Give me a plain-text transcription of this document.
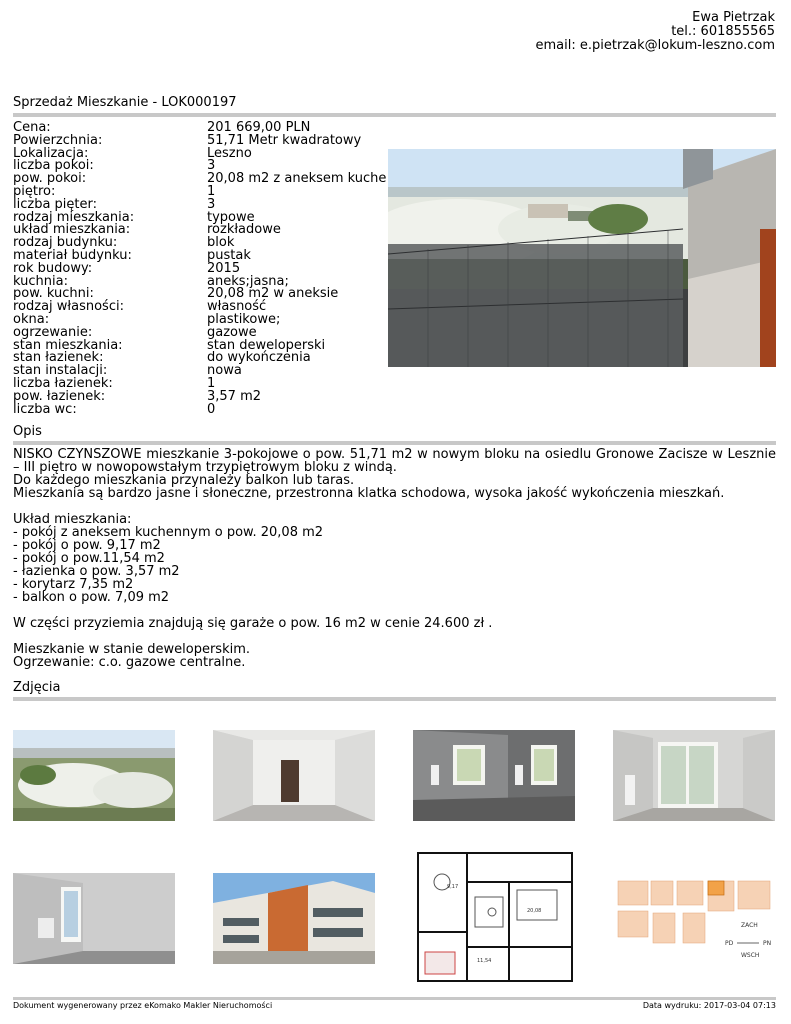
Ewa Pietrzak
tel.: 601855565
email: e.pietrzak@lokum-leszno.com
Sprzedaż Mieszkanie - LOK000197
Cena:	201 669,00 PLN
Powierzchnia:	51,71 Metr kwadratowy
Lokalizacja:	Leszno
liczba pokoi:	3
pow. pokoi:	20,08 m2 z aneksem kuche
piętro:	1
liczba pięter:	3
rodzaj mieszkania:	typowe
układ mieszkania:	rozkładowe
rodzaj budynku:	blok
materiał budynku:	pustak
rok budowy:	2015
kuchnia:	aneks;jasna;
pow. kuchni:	20,08 m2 w aneksie
rodzaj własności:	własność
okna:	plastikowe;
ogrzewanie:	gazowe
stan mieszkania:	stan deweloperski
stan łazienek:	do wykończenia
stan instalacji:	nowa
liczba łazienek:	1
pow. łazienek:	3,57 m2
liczba wc:	0
Opis

NISKO CZYNSZOWE mieszkanie 3-pokojowe o pow. 51,71 m2 w nowym bloku na osiedlu Gronowe Zacisze w Lesznie – III piętro w nowopowstałym trzypiętrowym bloku z windą.

Do każdego mieszkania przynależy balkon lub taras.

Mieszkania są bardzo jasne i słoneczne, przestronna klatka schodowa, wysoka jakość wykończenia mieszkań.

Układ mieszkania:

- pokój z aneksem kuchennym o pow. 20,08 m2

- pokój o pow. 9,17 m2

- pokój o pow.11,54 m2

- łazienka o pow. 3,57 m2

- korytarz 7,35 m2

- balkon o pow. 7,09 m2

W części przyziemia znajdują się garaże o pow. 16 m2 w cenie 24.600 zł .

Mieszkanie w stanie deweloperskim.

Ogrzewanie: c.o. gazowe centralne.

Zdjęcia
9,17
20,08
11,54
ZACH
PD	PN
WSCH
Dokument wygenerowany przez eKomako Makler Nieruchomości	Data wydruku: 2017-03-04 07:13
